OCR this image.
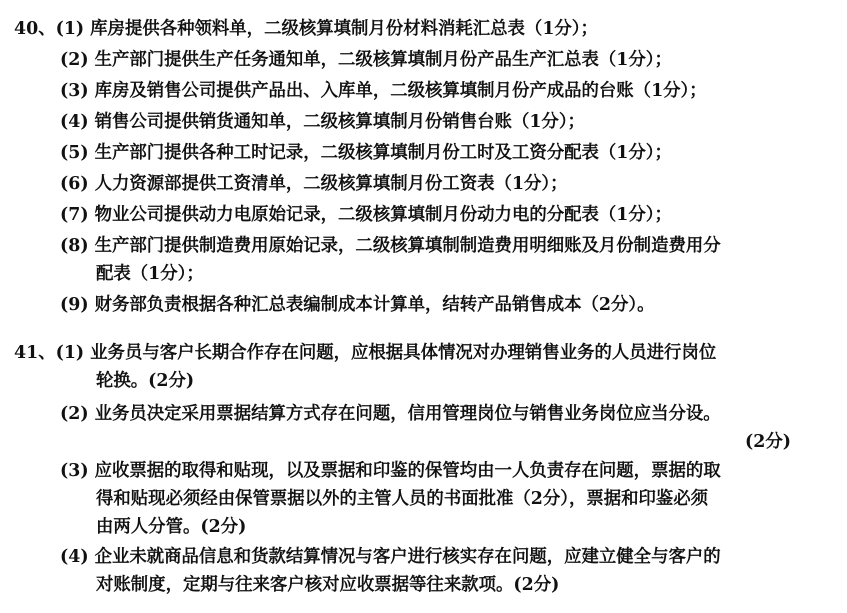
40、(1) 库房提供各种领料单，二级核算填制月份材料消耗汇总表（1分）；
(2) 生产部门提供生产任务通知单，二级核算填制月份产品生产汇总表（1分）；
(3) 库房及销售公司提供产品出、入库单，二级核算填制月份产成品的台账（1分）；
(4) 销售公司提供销货通知单，二级核算填制月份销售台账（1分）；
(5) 生产部门提供各种工时记录，二级核算填制月份工时及工资分配表（1分）；
(6) 人力资源部提供工资清单，二级核算填制月份工资表（1分）；
(7) 物业公司提供动力电原始记录，二级核算填制月份动力电的分配表（1分）；
(8) 生产部门提供制造费用原始记录，二级核算填制制造费用明细账及月份制造费用分
配表（1分）；
(9) 财务部负责根据各种汇总表编制成本计算单，结转产品销售成本（2分）。
41、(1) 业务员与客户长期合作存在问题，应根据具体情况对办理销售业务的人员进行岗位
轮换。(2分)
(2) 业务员决定采用票据结算方式存在问题，信用管理岗位与销售业务岗位应当分设。
(2分)
(3) 应收票据的取得和贴现，以及票据和印鉴的保管均由一人负责存在问题，票据的取
得和贴现必须经由保管票据以外的主管人员的书面批准（2分），票据和印鉴必须
由两人分管。(2分)
(4) 企业未就商品信息和货款结算情况与客户进行核实存在问题，应建立健全与客户的
对账制度，定期与往来客户核对应收票据等往来款项。(2分)
